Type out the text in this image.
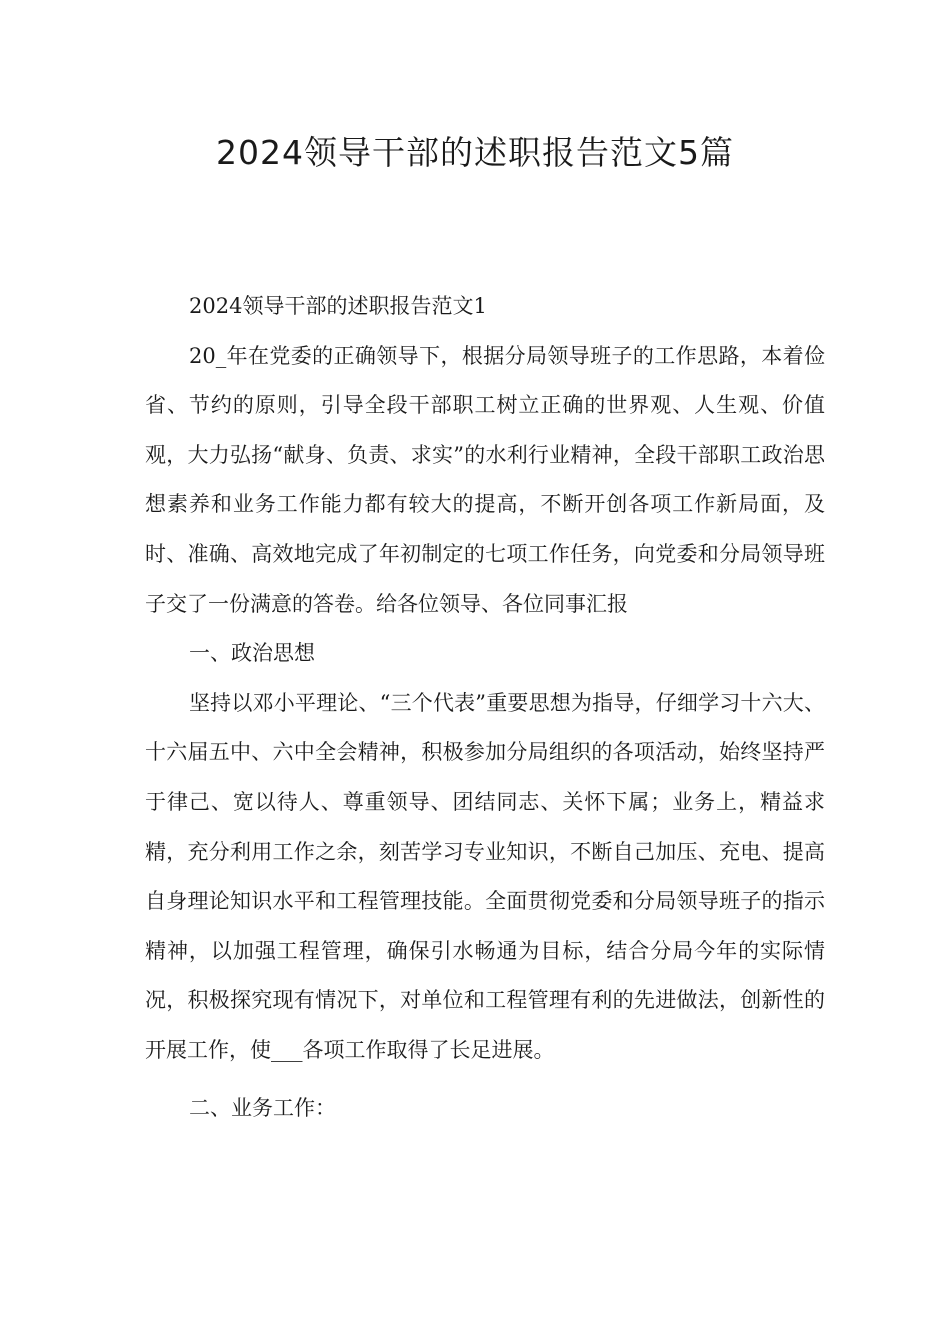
2024领导干部的述职报告范文5篇

2024领导干部的述职报告范文1

20_年在党委的正确领导下，根据分局领导班子的工作思路，本着俭省、节约的原则，引导全段干部职工树立正确的世界观、人生观、价值观，大力弘扬“献身、负责、求实”的水利行业精神，全段干部职工政治思想素养和业务工作能力都有较大的提高，不断开创各项工作新局面，及时、准确、高效地完成了年初制定的七项工作任务，向党委和分局领导班子交了一份满意的答卷。给各位领导、各位同事汇报

一、政治思想

坚持以邓小平理论、“三个代表”重要思想为指导，仔细学习十六大、十六届五中、六中全会精神，积极参加分局组织的各项活动，始终坚持严于律己、宽以待人、尊重领导、团结同志、关怀下属；业务上，精益求精，充分利用工作之余，刻苦学习专业知识，不断自己加压、充电、提高自身理论知识水平和工程管理技能。全面贯彻党委和分局领导班子的指示精神，以加强工程管理，确保引水畅通为目标，结合分局今年的实际情况，积极探究现有情况下，对单位和工程管理有利的先进做法，创新性的开展工作，使___各项工作取得了长足进展。

二、业务工作：
